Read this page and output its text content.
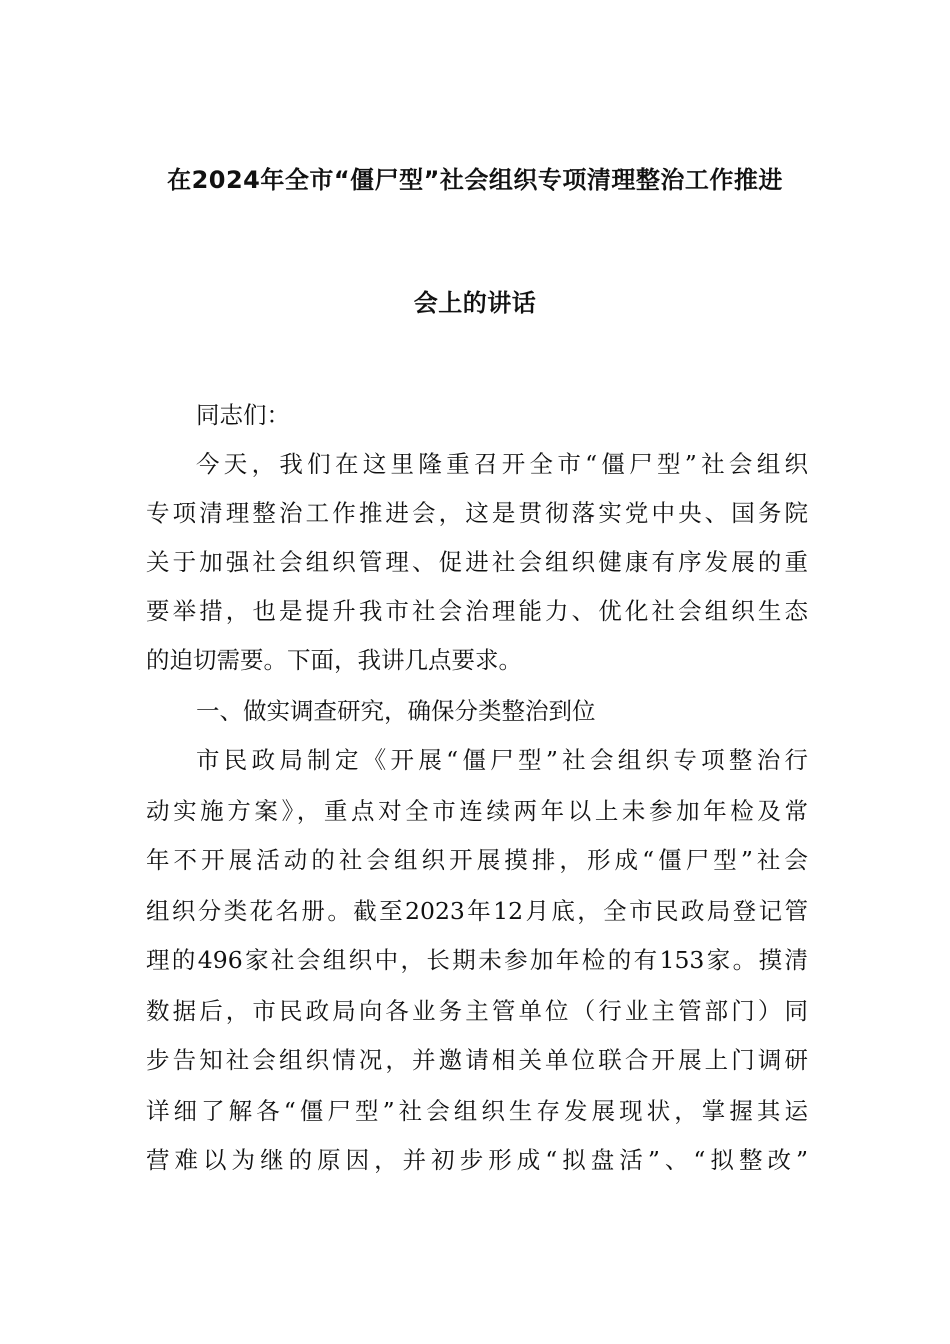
在2024年全市“僵尸型”社会组织专项清理整治工作推进
会上的讲话
同志们：
今天，我们在这里隆重召开全市“僵尸型”社会组织
专项清理整治工作推进会，这是贯彻落实党中央、国务院
关于加强社会组织管理、促进社会组织健康有序发展的重
要举措，也是提升我市社会治理能力、优化社会组织生态
的迫切需要。下面，我讲几点要求。
一、做实调查研究，确保分类整治到位
市民政局制定《开展“僵尸型”社会组织专项整治行
动实施方案》，重点对全市连续两年以上未参加年检及常
年不开展活动的社会组织开展摸排，形成“僵尸型”社会
组织分类花名册。截至2023年12月底，全市民政局登记管
理的496家社会组织中，长期未参加年检的有153家。摸清
数据后，市民政局向各业务主管单位（行业主管部门）同
步告知社会组织情况，并邀请相关单位联合开展上门调研
详细了解各“僵尸型”社会组织生存发展现状，掌握其运
营难以为继的原因，并初步形成“拟盘活”、“拟整改”
